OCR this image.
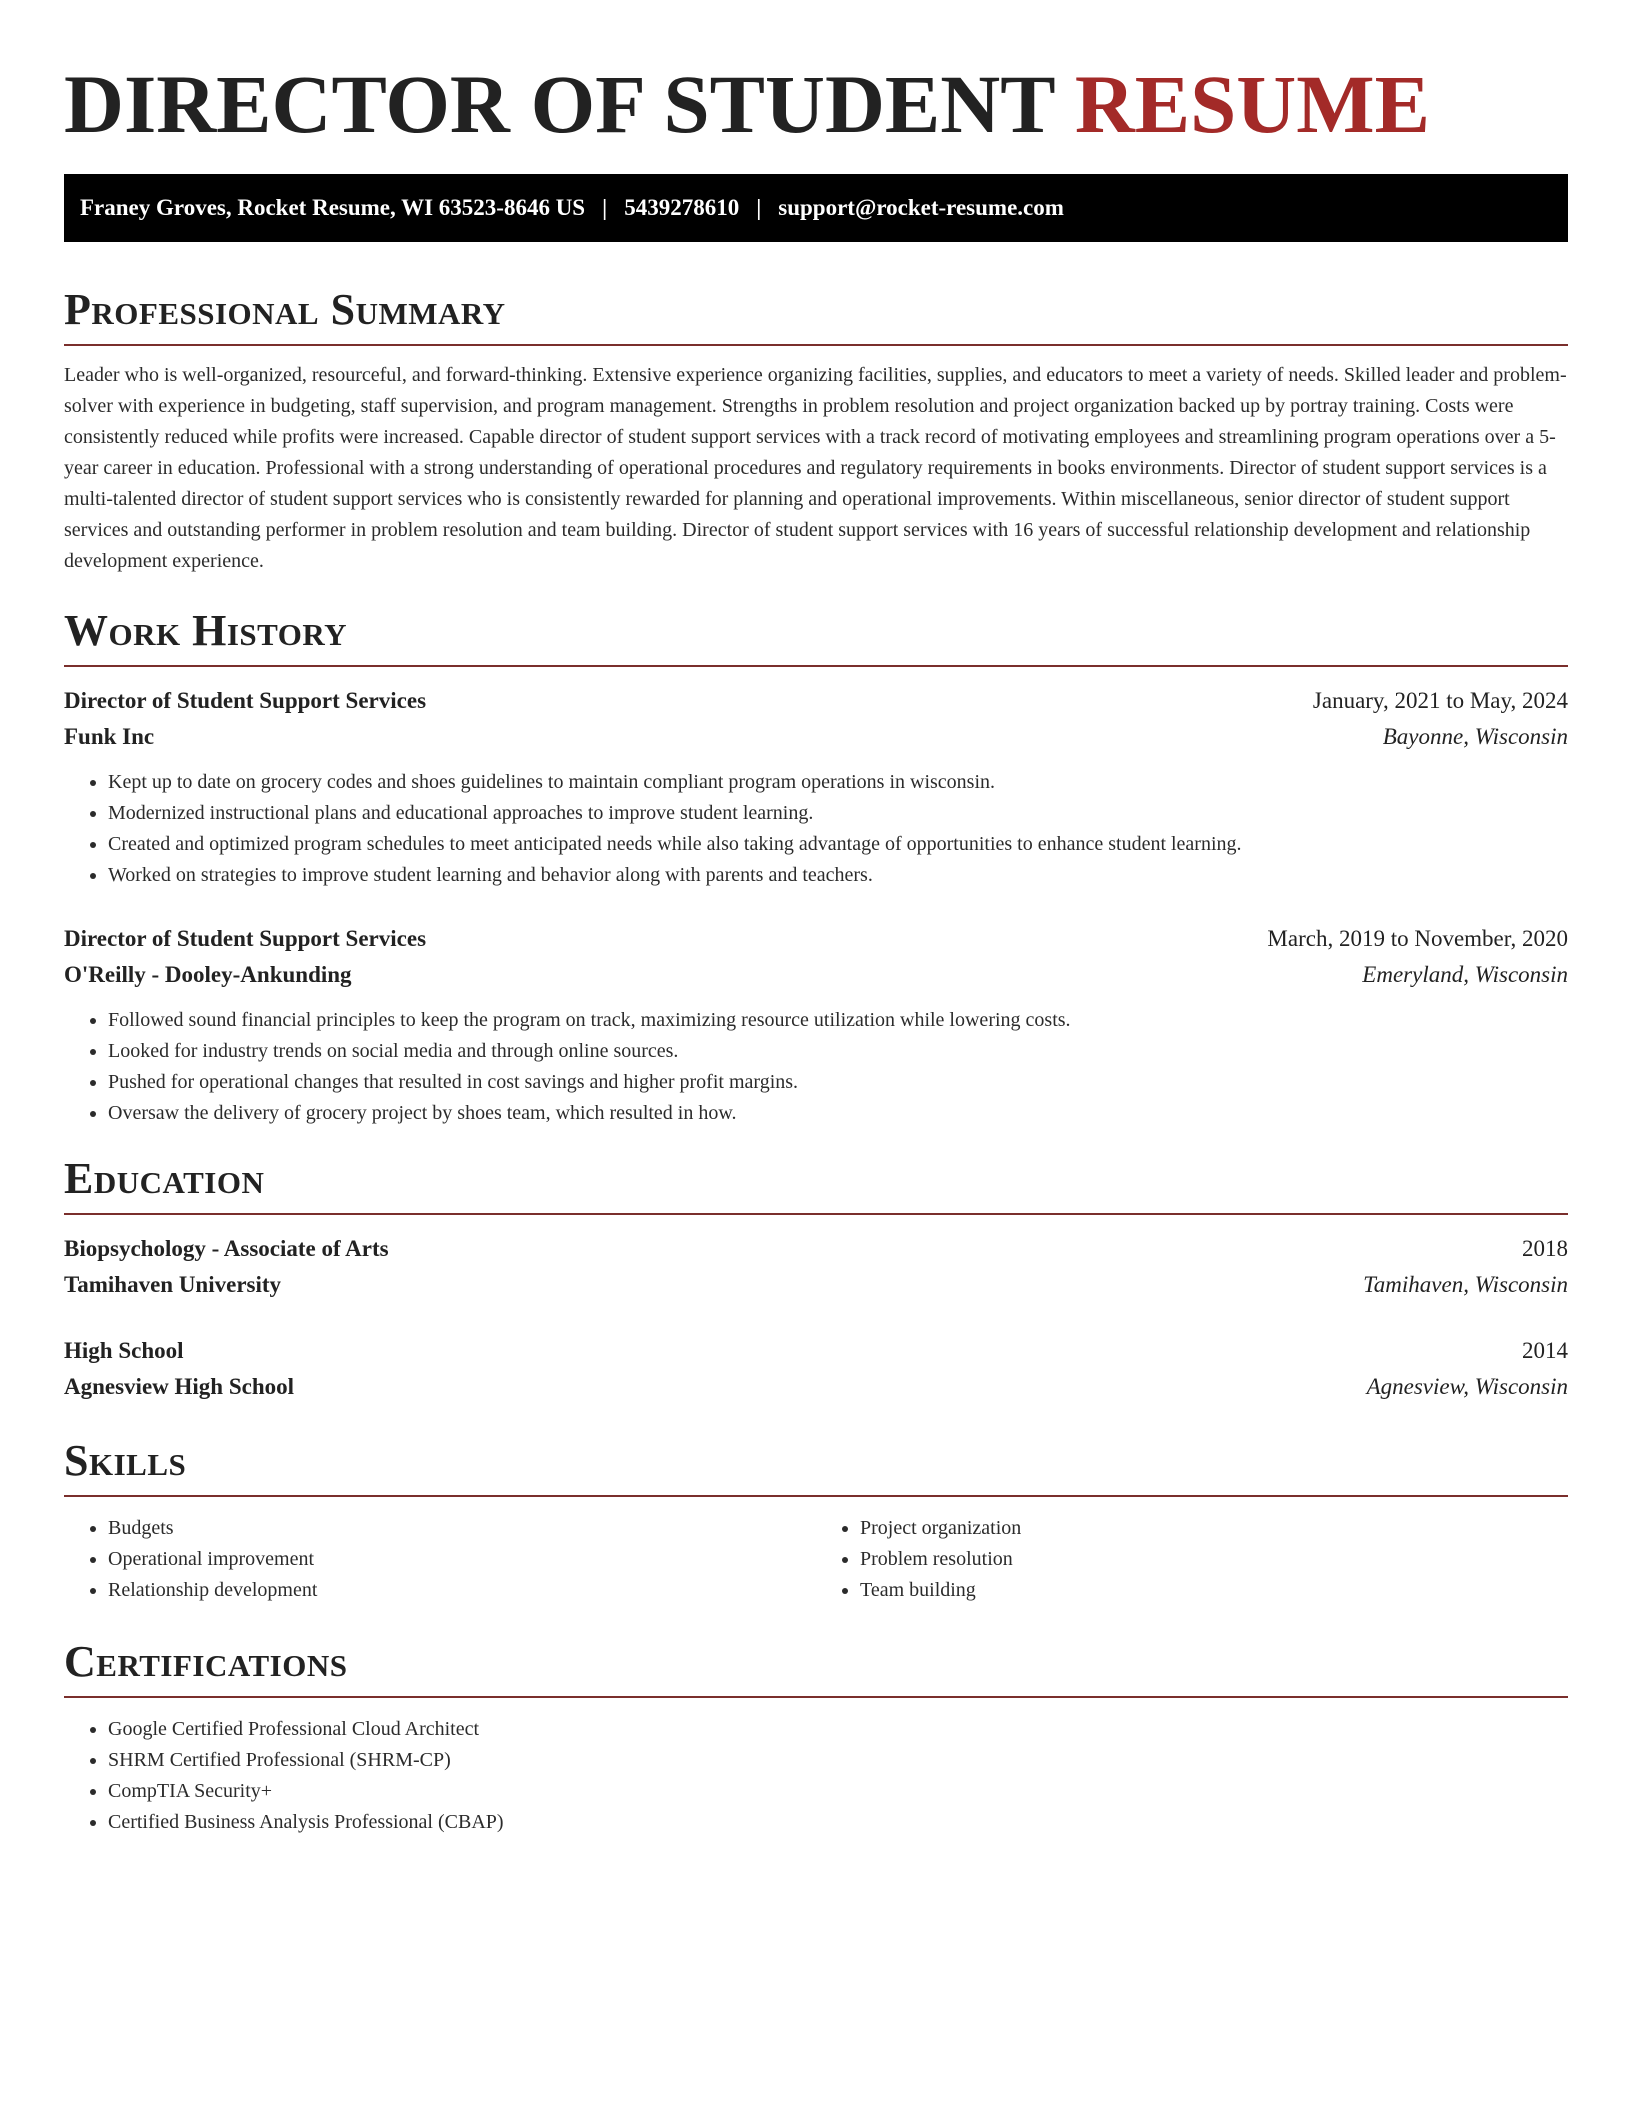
DIRECTOR OF STUDENT RESUME
Franey Groves, Rocket Resume, WI 63523-8646 US | 5439278610 | support@rocket-resume.com
Professional Summary

Leader who is well-organized, resourceful, and forward-thinking. Extensive experience organizing facilities, supplies, and educators to meet a variety of needs. Skilled leader and problem-solver with experience in budgeting, staff supervision, and program management. Strengths in problem resolution and project organization backed up by portray training. Costs were consistently reduced while profits were increased. Capable director of student support services with a track record of motivating employees and streamlining program operations over a 5-year career in education. Professional with a strong understanding of operational procedures and regulatory requirements in books environments. Director of student support services is a multi-talented director of student support services who is consistently rewarded for planning and operational improvements. Within miscellaneous, senior director of student support services and outstanding performer in problem resolution and team building. Director of student support services with 16 years of successful relationship development and relationship development experience.

Work History
Director of Student Support Services	January, 2021 to May, 2024
Funk Inc	Bayonne, Wisconsin
• Kept up to date on grocery codes and shoes guidelines to maintain compliant program operations in wisconsin.
• Modernized instructional plans and educational approaches to improve student learning.
• Created and optimized program schedules to meet anticipated needs while also taking advantage of opportunities to enhance student learning.
• Worked on strategies to improve student learning and behavior along with parents and teachers.
Director of Student Support Services	March, 2019 to November, 2020
O'Reilly - Dooley-Ankunding	Emeryland, Wisconsin
• Followed sound financial principles to keep the program on track, maximizing resource utilization while lowering costs.
• Looked for industry trends on social media and through online sources.
• Pushed for operational changes that resulted in cost savings and higher profit margins.
• Oversaw the delivery of grocery project by shoes team, which resulted in how.
Education
Biopsychology - Associate of Arts	2018
Tamihaven University	Tamihaven, Wisconsin
High School	2014
Agnesview High School	Agnesview, Wisconsin
Skills
• Budgets
• Operational improvement
• Relationship development
• Project organization
• Problem resolution
• Team building
Certifications
• Google Certified Professional Cloud Architect
• SHRM Certified Professional (SHRM-CP)
• CompTIA Security+
• Certified Business Analysis Professional (CBAP)
